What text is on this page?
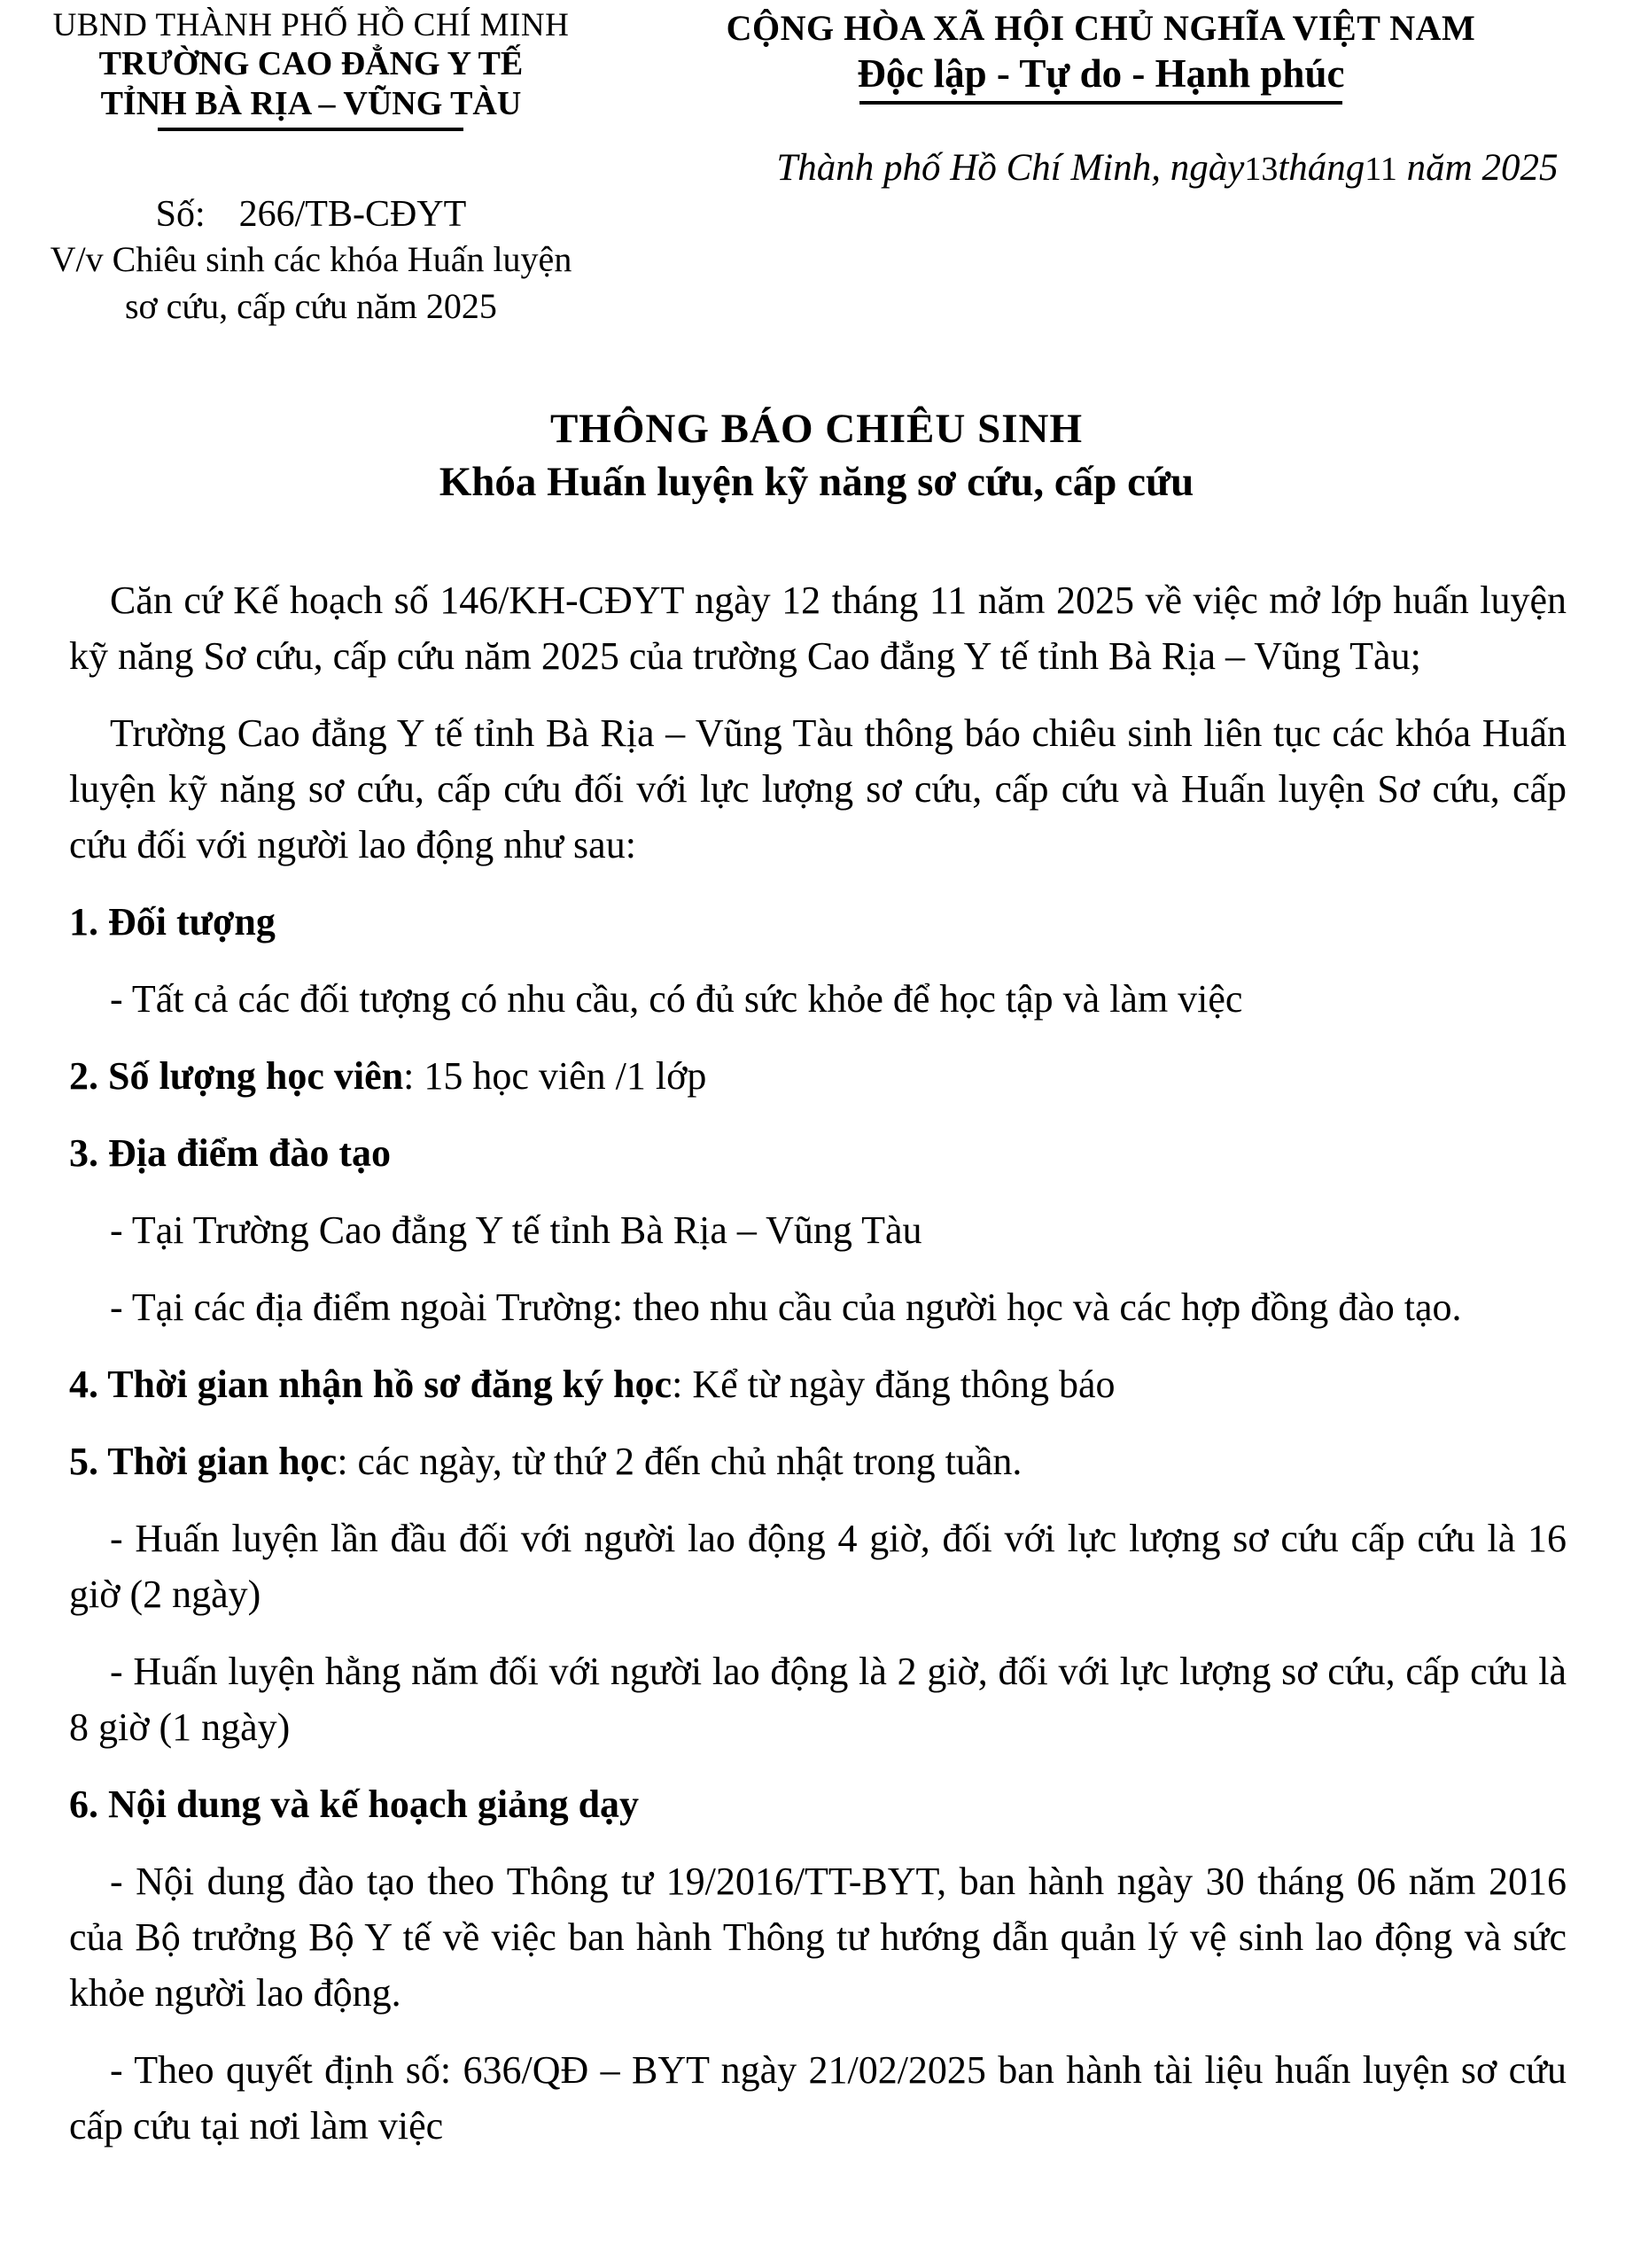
UBND THÀNH PHỐ HỒ CHÍ MINH
TRƯỜNG CAO ĐẲNG Y TẾ
TỈNH BÀ RỊA – VŨNG TÀU
Số: 266/TB-CĐYT
V/v Chiêu sinh các khóa Huấn luyện
sơ cứu, cấp cứu năm 2025
CỘNG HÒA XÃ HỘI CHỦ NGHĨA VIỆT NAM
Độc lập - Tự do - Hạnh phúc
Thành phố Hồ Chí Minh, ngày13tháng11 năm 2025
THÔNG BÁO CHIÊU SINH
Khóa Huấn luyện kỹ năng sơ cứu, cấp cứu

Căn cứ Kế hoạch số 146/KH-CĐYT ngày 12 tháng 11 năm 2025 về việc mở lớp huấn luyện kỹ năng Sơ cứu, cấp cứu năm 2025 của trường Cao đẳng Y tế tỉnh Bà Rịa – Vũng Tàu;

Trường Cao đẳng Y tế tỉnh Bà Rịa – Vũng Tàu thông báo chiêu sinh liên tục các khóa Huấn luyện kỹ năng sơ cứu, cấp cứu đối với lực lượng sơ cứu, cấp cứu và Huấn luyện Sơ cứu, cấp cứu đối với người lao động như sau:

1. Đối tượng

- Tất cả các đối tượng có nhu cầu, có đủ sức khỏe để học tập và làm việc

2. Số lượng học viên: 15 học viên /1 lớp

3. Địa điểm đào tạo

- Tại Trường Cao đẳng Y tế tỉnh Bà Rịa – Vũng Tàu

- Tại các địa điểm ngoài Trường: theo nhu cầu của người học và các hợp đồng đào tạo.

4. Thời gian nhận hồ sơ đăng ký học: Kể từ ngày đăng thông báo

5. Thời gian học: các ngày, từ thứ 2 đến chủ nhật trong tuần.

- Huấn luyện lần đầu đối với người lao động 4 giờ, đối với lực lượng sơ cứu cấp cứu là 16 giờ (2 ngày)

- Huấn luyện hằng năm đối với người lao động là 2 giờ, đối với lực lượng sơ cứu, cấp cứu là 8 giờ (1 ngày)

6. Nội dung và kế hoạch giảng dạy

- Nội dung đào tạo theo Thông tư 19/2016/TT-BYT, ban hành ngày 30 tháng 06 năm 2016 của Bộ trưởng Bộ Y tế về việc ban hành Thông tư hướng dẫn quản lý vệ sinh lao động và sức khỏe người lao động.

- Theo quyết định số: 636/QĐ – BYT ngày 21/02/2025 ban hành tài liệu huấn luyện sơ cứu cấp cứu tại nơi làm việc
